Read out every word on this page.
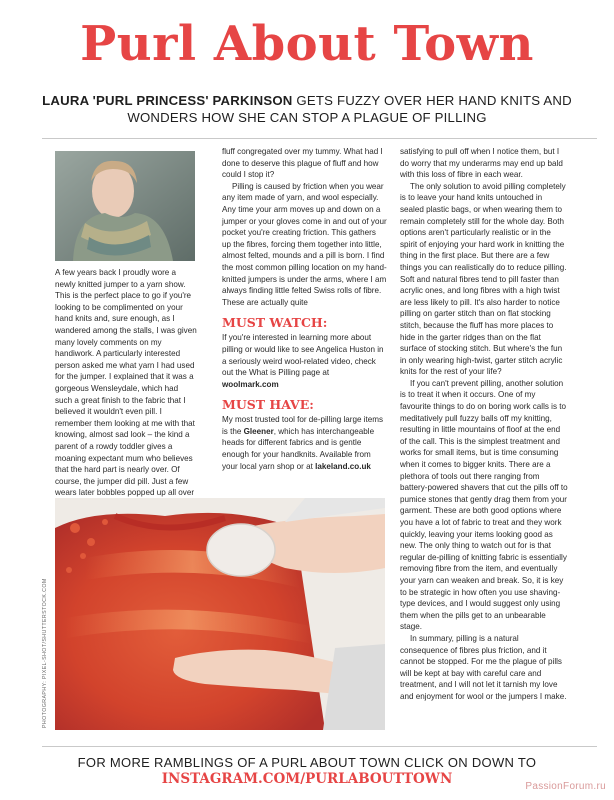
Purl About Town
LAURA 'PURL PRINCESS' PARKINSON GETS FUZZY OVER HER HAND KNITS AND WONDERS HOW SHE CAN STOP A PLAGUE OF PILLING

A few years back I proudly wore a newly knitted jumper to a yarn show. This is the perfect place to go if you're looking to be complimented on your hand knits and, sure enough, as I wandered among the stalls, I was given many lovely comments on my handiwork. A particularly interested person asked me what yarn I had used for the jumper. I explained that it was a gorgeous Wensleydale, which had such a great finish to the fabric that I believed it wouldn't even pill. I remember them looking at me with that knowing, almost sad look – the kind a parent of a rowdy toddler gives a moaning expectant mum who believes that the hard part is nearly over. Of course, the jumper did pill. Just a few wears later bobbles popped up all over

fluff congregated over my tummy. What had I done to deserve this plague of fluff and how could I stop it?

Pilling is caused by friction when you wear any item made of yarn, and wool especially. Any time your arm moves up and down on a jumper or your gloves come in and out of your pocket you're creating friction. This gathers up the fibres, forcing them together into little, almost felted, mounds and a pill is born. I find the most common pilling location on my hand-knitted jumpers is under the arms, where I am always finding little felted Swiss rolls of fibre. These are actually quite

MUST WATCH:

If you're interested in learning more about pilling or would like to see Angelica Huston in a seriously weird wool-related video, check out the What is Pilling page at woolmark.com

MUST HAVE:

My most trusted tool for de-pilling large items is the Gleener, which has interchangeable heads for different fabrics and is gentle enough for your handknits. Available from your local yarn shop or at lakeland.co.uk

satisfying to pull off when I notice them, but I do worry that my underarms may end up bald with this loss of fibre in each wear.

The only solution to avoid pilling completely is to leave your hand knits untouched in sealed plastic bags, or when wearing them to remain completely still for the whole day. Both options aren't particularly realistic or in the spirit of enjoying your hard work in knitting the thing in the first place. But there are a few things you can realistically do to reduce pilling. Soft and natural fibres tend to pill faster than acrylic ones, and long fibres with a high twist are less likely to pill. It's also harder to notice pilling on garter stitch than on flat stocking stitch, because the fluff has more places to hide in the garter ridges than on the flat surface of stocking stitch. But where's the fun in only wearing high-twist, garter stitch acrylic knits for the rest of your life?

If you can't prevent pilling, another solution is to treat it when it occurs. One of my favourite things to do on boring work calls is to meditatively pull fuzzy balls off my knitting, resulting in little mountains of floof at the end of the call. This is the simplest treatment and works for small items, but is time consuming when it comes to bigger knits. There are a plethora of tools out there ranging from battery-powered shavers that cut the pills off to pumice stones that gently drag them from your garment. These are both good options where you have a lot of fabric to treat and they work quickly, leaving your items looking good as new. The only thing to watch out for is that regular de-pilling of knitting fabric is essentially removing fibre from the item, and eventually your yarn can weaken and break. So, it is key to be strategic in how often you use shaving-type devices, and I would suggest only using them when the pills get to an unbearable stage.

In summary, pilling is a natural consequence of fibres plus friction, and it cannot be stopped. For me the plague of pills will be kept at bay with careful care and treatment, and I will not let it tarnish my love and enjoyment for wool or the jumpers I make.

PHOTOGRAPHY: PIXEL-SHOT/SHUTTERSTOCK.COM
FOR MORE RAMBLINGS OF A PURL ABOUT TOWN CLICK ON DOWN TO
INSTAGRAM.COM/PURLABOUTTOWN	PassionForum.ru
